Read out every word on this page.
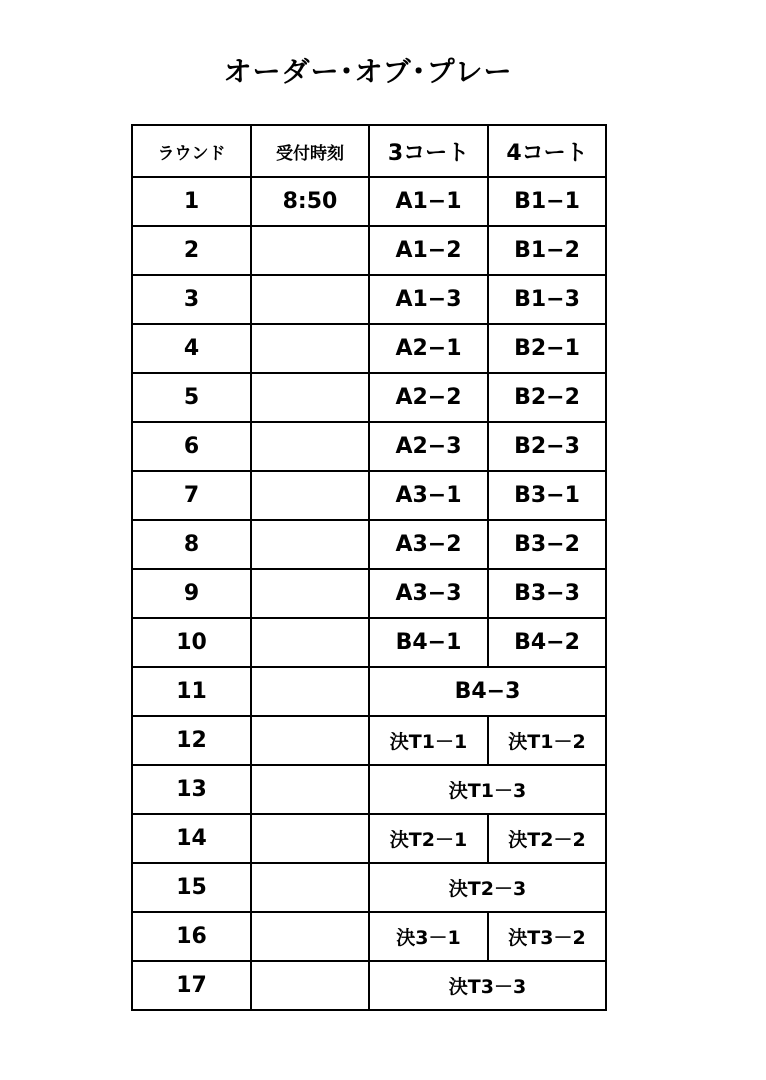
オーダー･オブ･プレー
ラウンド	受付時刻	3コート	4コート
1	8:50	A1−1	B1−1
2		A1−2	B1−2
3		A1−3	B1−3
4		A2−1	B2−1
5		A2−2	B2−2
6		A2−3	B2−3
7		A3−1	B3−1
8		A3−2	B3−2
9		A3−3	B3−3
10		B4−1	B4−2
11		B4−3	
12		決T1－1	決T1－2
13		決T1－3	
14		決T2－1	決T2－2
15		決T2－3	
16		決3－1	決T3－2
17		決T3－3	
